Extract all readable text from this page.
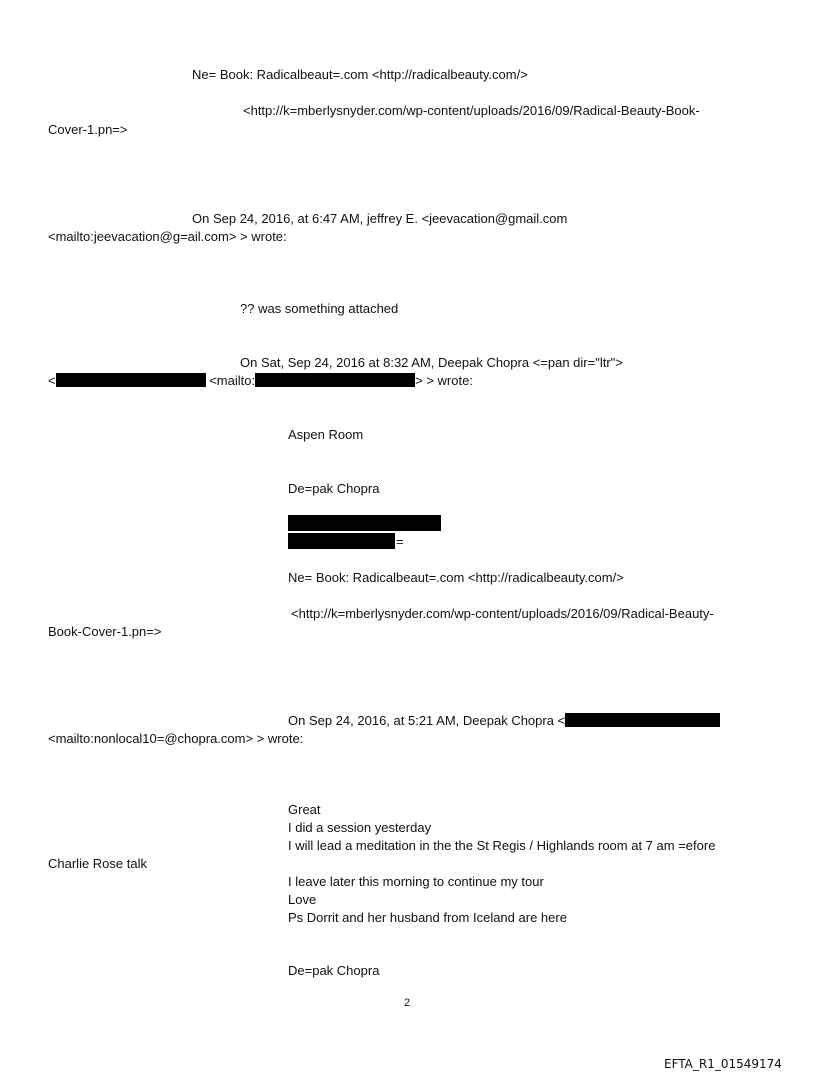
Ne= Book: Radicalbeaut=.com <http://radicalbeauty.com/>
<http://k=mberlysnyder.com/wp-content/uploads/2016/09/Radical-Beauty-Book-
Cover-1.pn=>
On Sep 24, 2016, at 6:47 AM, jeffrey E. <jeevacation@gmail.com
<mailto:jeevacation@g=ail.com> > wrote:
?? was something attached
On Sat, Sep 24, 2016 at 8:32 AM, Deepak Chopra <=pan dir="ltr">
<	<mailto:	> > wrote:
Aspen Room
De=pak Chopra
=
Ne= Book: Radicalbeaut=.com <http://radicalbeauty.com/>
<http://k=mberlysnyder.com/wp-content/uploads/2016/09/Radical-Beauty-
Book-Cover-1.pn=>
On Sep 24, 2016, at 5:21 AM, Deepak Chopra <
<mailto:nonlocal10=@chopra.com> > wrote:
Great
I did a session yesterday
I will lead a meditation in the the St Regis / Highlands room at 7 am =efore
Charlie Rose talk
I leave later this morning to continue my tour
Love
Ps Dorrit and her husband from Iceland are here
De=pak Chopra
2
EFTA_R1_01549174
